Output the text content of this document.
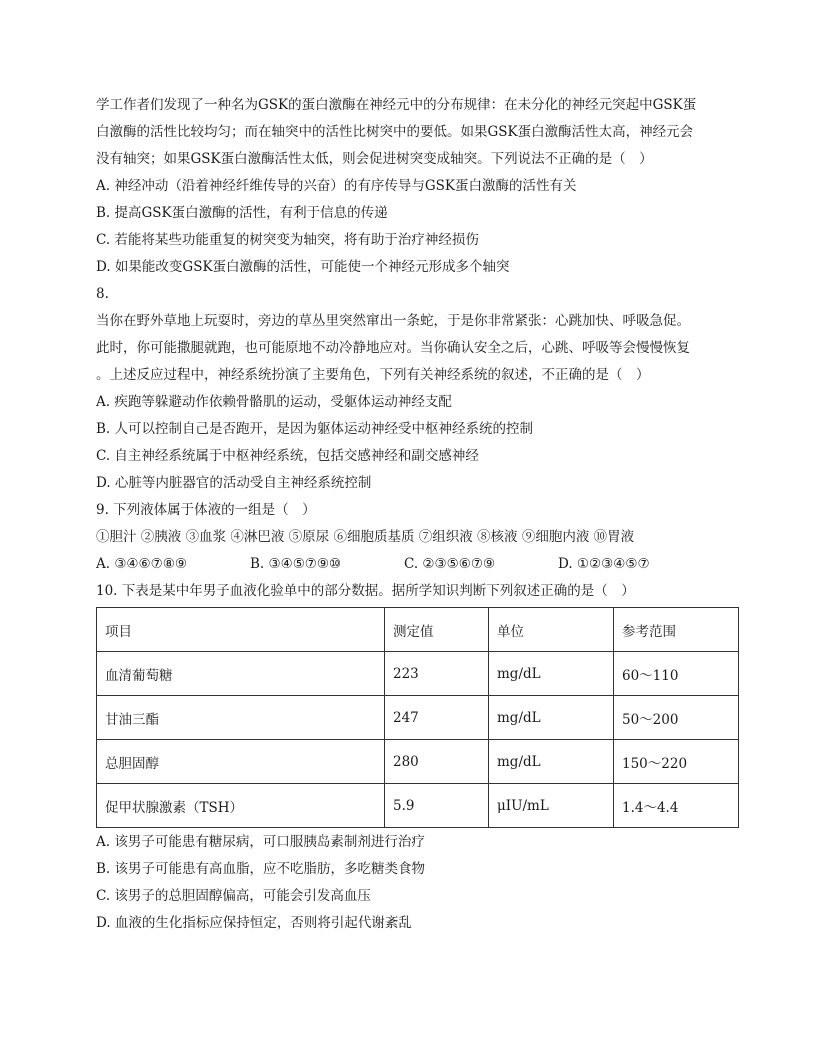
学工作者们发现了一种名为GSK的蛋白激酶在神经元中的分布规律：在未分化的神经元突起中GSK蛋
白激酶的活性比较均匀；而在轴突中的活性比树突中的要低。如果GSK蛋白激酶活性太高，神经元会
没有轴突；如果GSK蛋白激酶活性太低，则会促进树突变成轴突。下列说法不正确的是（　）
A. 神经冲动（沿着神经纤维传导的兴奋）的有序传导与GSK蛋白激酶的活性有关
B. 提高GSK蛋白激酶的活性，有利于信息的传递
C. 若能将某些功能重复的树突变为轴突，将有助于治疗神经损伤
D. 如果能改变GSK蛋白激酶的活性，可能使一个神经元形成多个轴突
8.
当你在野外草地上玩耍时，旁边的草丛里突然窜出一条蛇，于是你非常紧张：心跳加快、呼吸急促。
此时，你可能撒腿就跑，也可能原地不动冷静地应对。当你确认安全之后，心跳、呼吸等会慢慢恢复
。上述反应过程中，神经系统扮演了主要角色，下列有关神经系统的叙述，不正确的是（　）
A. 疾跑等躲避动作依赖骨骼肌的运动，受躯体运动神经支配
B. 人可以控制自己是否跑开，是因为躯体运动神经受中枢神经系统的控制
C. 自主神经系统属于中枢神经系统，包括交感神经和副交感神经
D. 心脏等内脏器官的活动受自主神经系统控制
9. 下列液体属于体液的一组是（　）
①胆汁 ②胰液 ③血浆 ④淋巴液 ⑤原尿 ⑥细胞质基质 ⑦组织液 ⑧核液 ⑨细胞内液 ⑩胃液
A. ③④⑥⑦⑧⑨	B. ③④⑤⑦⑨⑩	C. ②③⑤⑥⑦⑨	D. ①②③④⑤⑦
10. 下表是某中年男子血液化验单中的部分数据。据所学知识判断下列叙述正确的是（　）
项目	测定值	单位	参考范围
血清葡萄糖	223	mg/dL	60～110
甘油三酯	247	mg/dL	50～200
总胆固醇	280	mg/dL	150～220
促甲状腺激素（TSH）	5.9	μIU/mL	1.4～4.4
A. 该男子可能患有糖尿病，可口服胰岛素制剂进行治疗
B. 该男子可能患有高血脂，应不吃脂肪，多吃糖类食物
C. 该男子的总胆固醇偏高，可能会引发高血压
D. 血液的生化指标应保持恒定，否则将引起代谢紊乱
